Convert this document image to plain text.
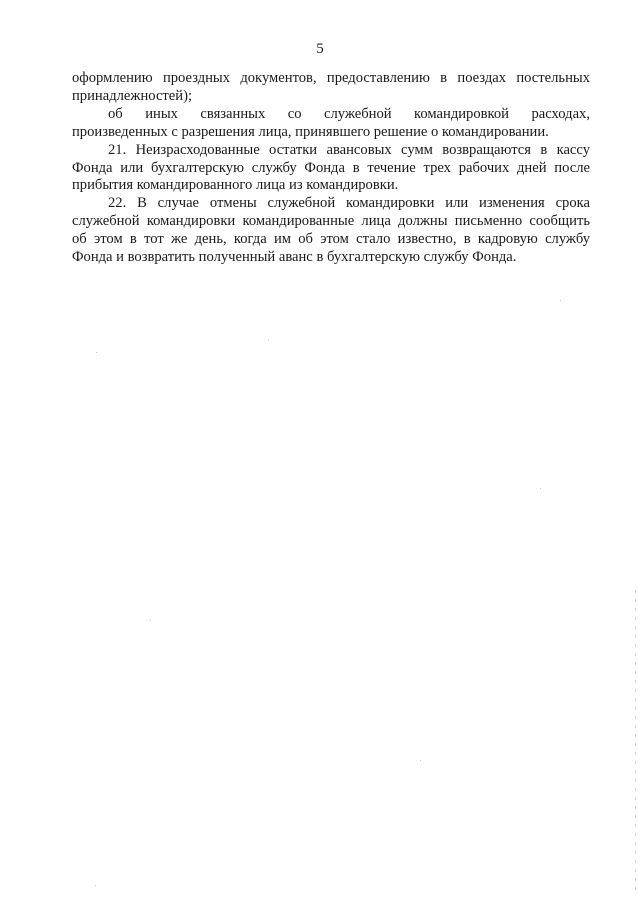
5

оформлению проездных документов, предоставлению в поездах постельных
принадлежностей);

об иных связанных со служебной командировкой расходах,
произведенных с разрешения лица, принявшего решение о командировании.

21. Неизрасходованные остатки авансовых сумм возвращаются в кассу
Фонда или бухгалтерскую службу Фонда в течение трех рабочих дней после
прибытия командированного лица из командировки.

22. В случае отмены служебной командировки или изменения срока
служебной командировки командированные лица должны письменно сообщить
об этом в тот же день, когда им об этом стало известно, в кадровую службу
Фонда и возвратить полученный аванс в бухгалтерскую службу Фонда.
